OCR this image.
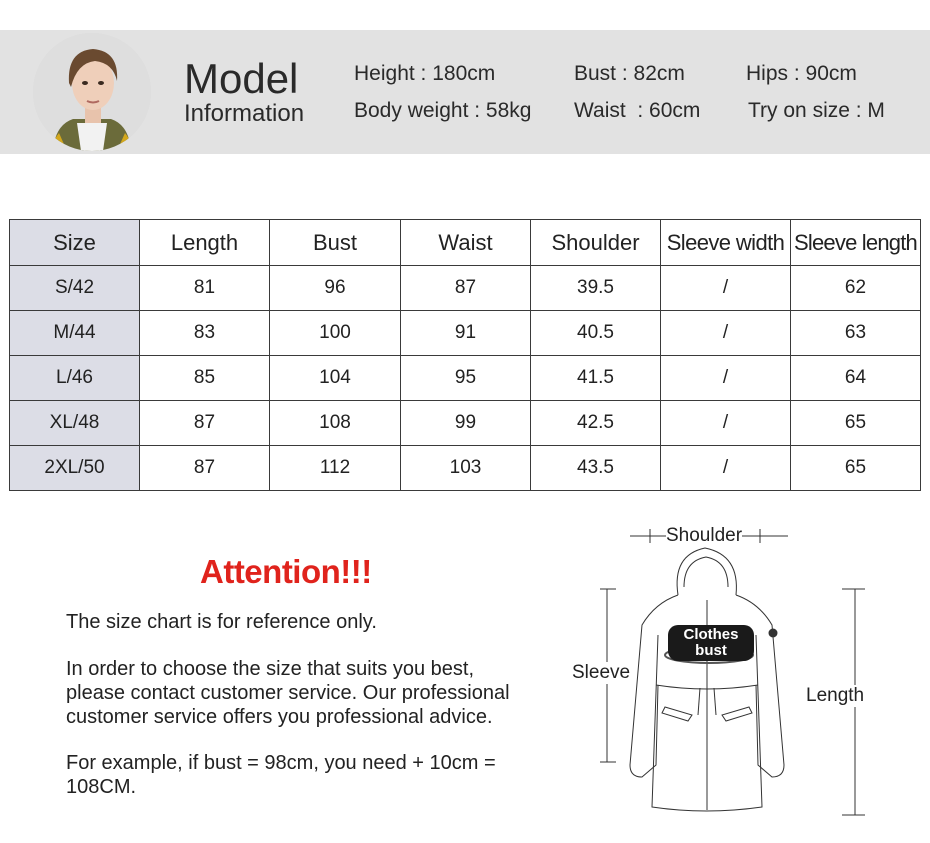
Model
Information
Height : 180cm	Bust : 82cm	Hips : 90cm
Body weight : 58kg Waist  : 60cm Try on size : M
Size	Length	Bust	Waist	Shoulder	Sleeve width	Sleeve length
S/42	81	96	87	39.5	/	62
M/44	83	100	91	40.5	/	63
L/46	85	104	95	41.5	/	64
XL/48	87	108	99	42.5	/	65
2XL/50	87	112	103	43.5	/	65
Attention!!!
The size chart is for reference only.
In order to choose the size that suits you best, please contact customer service. Our professional customer service offers you professional advice.
For example, if bust = 98cm, you need + 10cm = 108CM.
Shoulder
Sleeve
Length
Clothes bust
